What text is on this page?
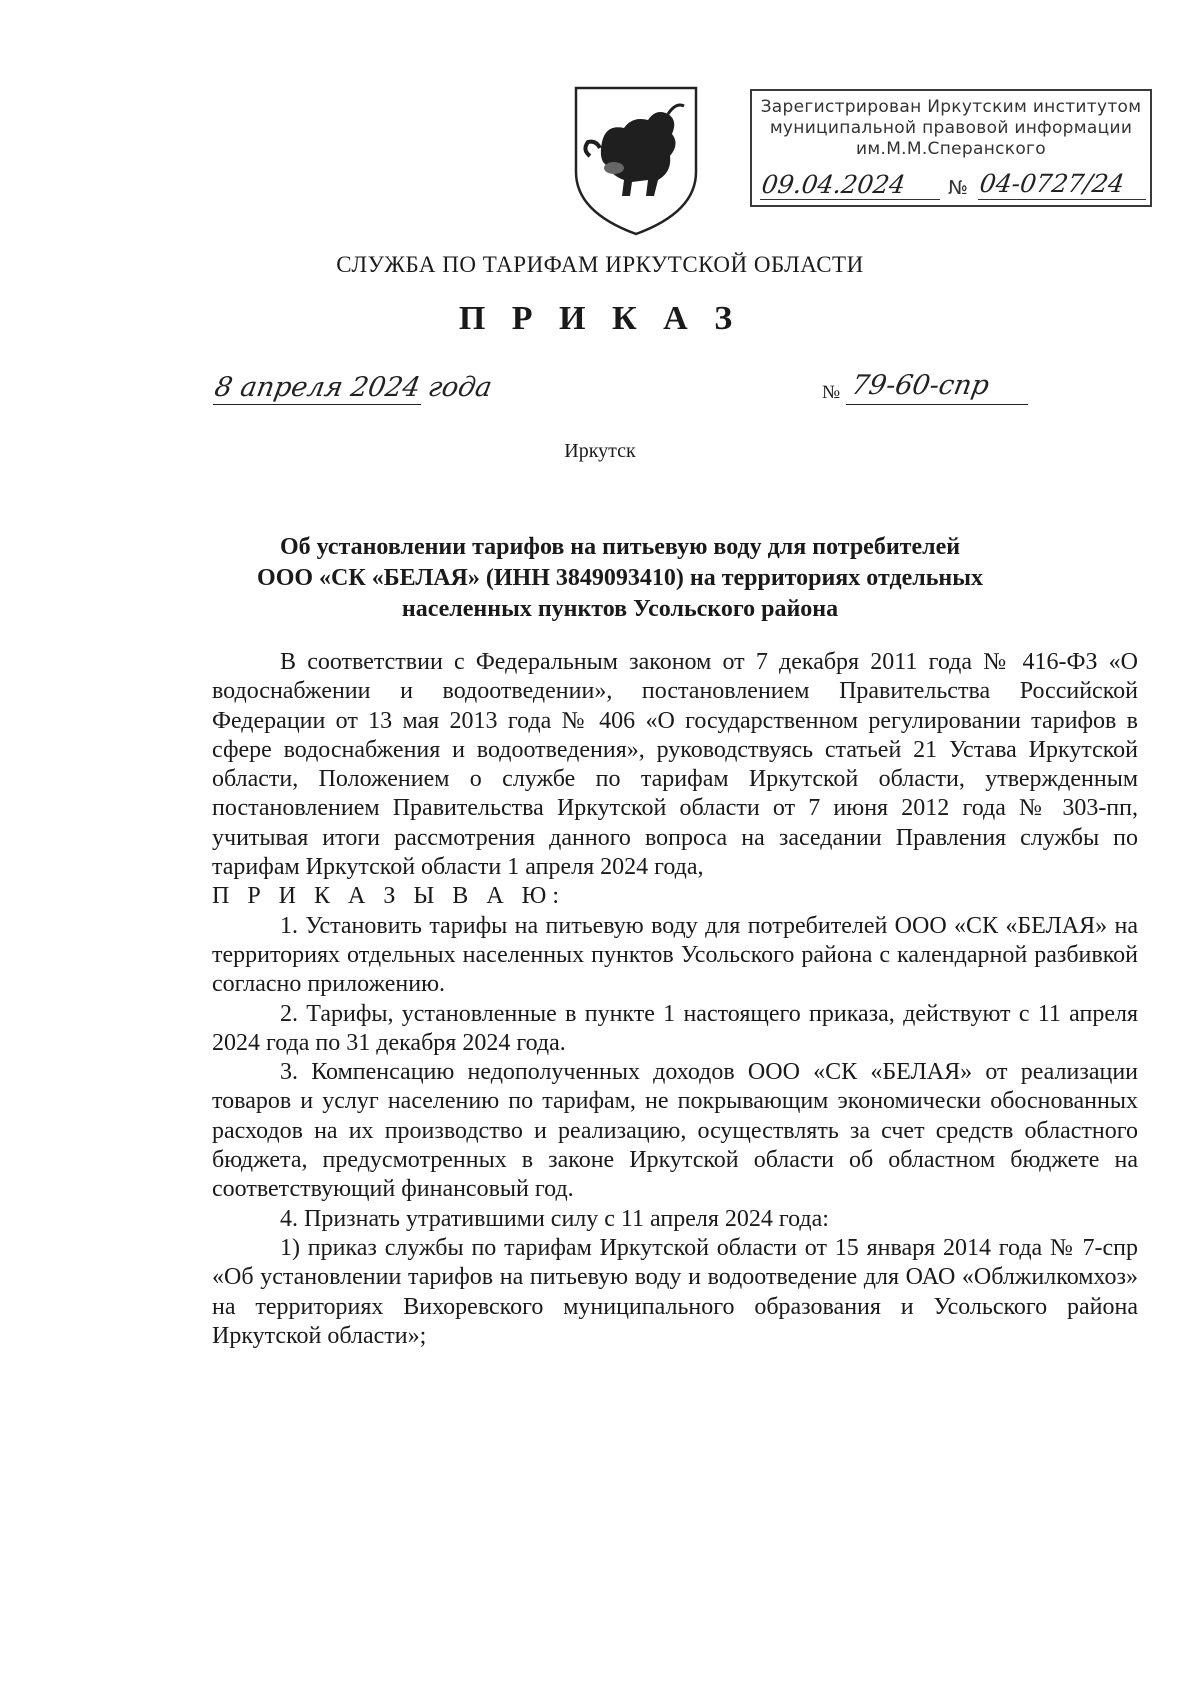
Зарегистрирован Иркутским институтом
муниципальной правовой информации
им.М.М.Сперанского
09.04.2024 № 04-0727/24
СЛУЖБА ПО ТАРИФАМ ИРКУТСКОЙ ОБЛАСТИ
П Р И К А З
8 апреля 2024 года	№ 79-60-спр
Иркутск
Об установлении тарифов на питьевую воду для потребителей
ООО «СК «БЕЛАЯ» (ИНН 3849093410) на территориях отдельных
населенных пунктов Усольского района

В соответствии с Федеральным законом от 7 декабря 2011 года № 416-ФЗ «О водоснабжении и водоотведении», постановлением Правительства Российской Федерации от 13 мая 2013 года № 406 «О государственном регулировании тарифов в сфере водоснабжения и водоотведения», руководствуясь статьей 21 Устава Иркутской области, Положением о службе по тарифам Иркутской области, утвержденным постановлением Правительства Иркутской области от 7 июня 2012 года № 303-пп, учитывая итоги рассмотрения данного вопроса на заседании Правления службы по тарифам Иркутской области 1 апреля 2024 года,

П Р И К А З Ы В А Ю:

1. Установить тарифы на питьевую воду для потребителей ООО «СК «БЕЛАЯ» на территориях отдельных населенных пунктов Усольского района с календарной разбивкой согласно приложению.

2. Тарифы, установленные в пункте 1 настоящего приказа, действуют с 11 апреля 2024 года по 31 декабря 2024 года.

3. Компенсацию недополученных доходов ООО «СК «БЕЛАЯ» от реализации товаров и услуг населению по тарифам, не покрывающим экономически обоснованных расходов на их производство и реализацию, осуществлять за счет средств областного бюджета, предусмотренных в законе Иркутской области об областном бюджете на соответствующий финансовый год.

4. Признать утратившими силу с 11 апреля 2024 года:

1) приказ службы по тарифам Иркутской области от 15 января 2014 года № 7-спр «Об установлении тарифов на питьевую воду и водоотведение для ОАО «Облжилкомхоз» на территориях Вихоревского муниципального образования и Усольского района Иркутской области»;
